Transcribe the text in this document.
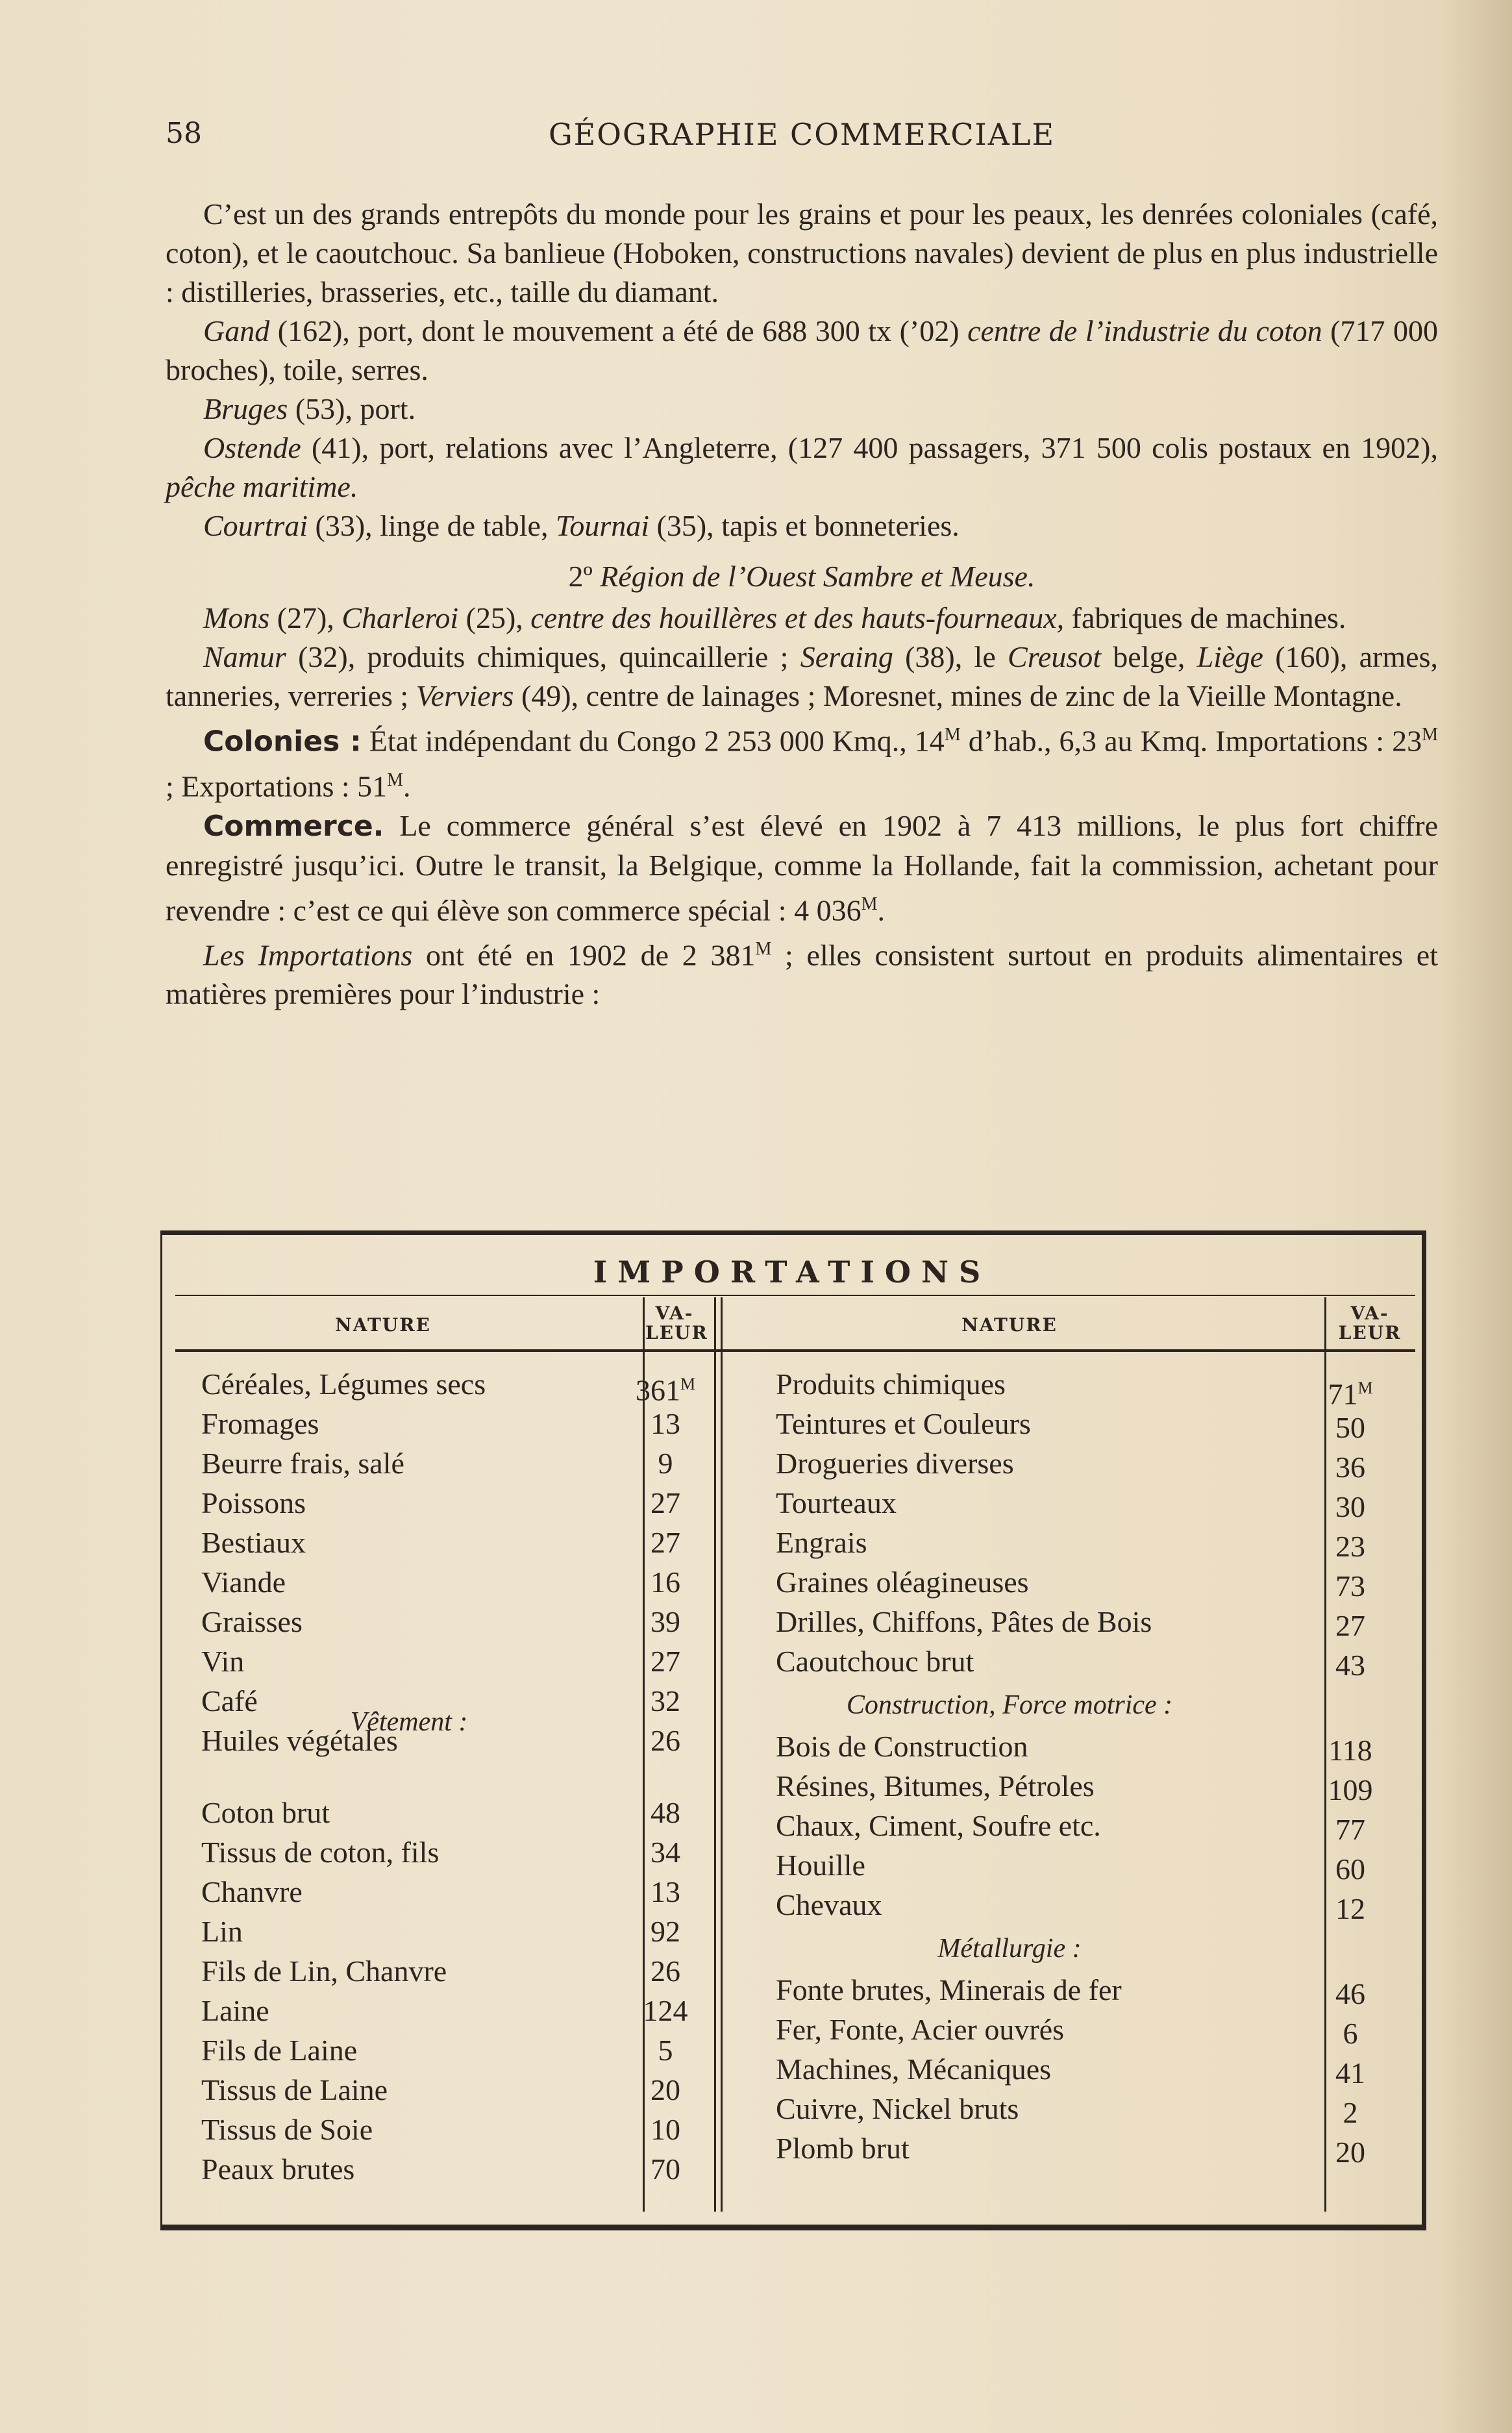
58	GÉOGRAPHIE COMMERCIALE

C’est un des grands entrepôts du monde pour les grains et pour les peaux, les denrées coloniales (café, coton), et le caoutchouc. Sa banlieue (Hoboken, constructions navales) devient de plus en plus industrielle : distilleries, brasseries, etc., taille du diamant.

Gand (162), port, dont le mouvement a été de 688 300 tx (’02) centre de l’industrie du coton (717 000 broches), toile, serres.

Bruges (53), port.

Ostende (41), port, relations avec l’Angleterre, (127 400 passagers, 371 500 colis postaux en 1902), pêche maritime.

Courtrai (33), linge de table, Tournai (35), tapis et bonneteries.

2º Région de l’Ouest Sambre et Meuse.

Mons (27), Charleroi (25), centre des houillères et des hauts-fourneaux, fabriques de machines.

Namur (32), produits chimiques, quincaillerie ; Seraing (38), le Creusot belge, Liège (160), armes, tanneries, verreries ; Verviers (49), centre de lainages ; Moresnet, mines de zinc de la Vieille Montagne.

Colonies : État indépendant du Congo 2 253 000 Kmq., $14^M$ d’hab., 6,3 au Kmq. Importations : $23^M$ ; Exportations : $51^M$.

Commerce. Le commerce général s’est élevé en 1902 à 7 413 millions, le plus fort chiffre enregistré jusqu’ici. Outre le transit, la Belgique, comme la Hollande, fait la commission, achetant pour revendre : c’est ce qui élève son commerce spécial : 4 $036^M$.

Les Importations ont été en 1902 de 2 $381^M$ ; elles consistent surtout en produits alimentaires et matières premières pour l’industrie :

IMPORTATIONS
NATURE
VA-
LEUR	NATURE
VA-
LEUR
Céréales, Légumes secs	$361^M$
Fromages	13
Beurre frais, salé	9
Poissons	27
Bestiaux	27
Viande	16
Graisses	39
Vin	27
Café	32
Huiles végétales	26
Coton brut	48
Tissus de coton, fils	34
Chanvre	13
Lin	92
Fils de Lin, Chanvre	26
Laine	124
Fils de Laine	5
Tissus de Laine	20
Tissus de Soie	10
Peaux brutes	70
Vêtement :
Produits chimiques	$71^M$
Teintures et Couleurs	50
Drogueries diverses	36
Tourteaux	30
Engrais	23
Graines oléagineuses	73
Drilles, Chiffons, Pâtes de Bois	27
Caoutchouc brut	43
Bois de Construction	118
Résines, Bitumes, Pétroles	109
Chaux, Ciment, Soufre etc.	77
Houille	60
Chevaux	12
Fonte brutes, Minerais de fer	46
Fer, Fonte, Acier ouvrés	6
Machines, Mécaniques	41
Cuivre, Nickel bruts	2
Plomb brut	20
Construction, Force motrice :
Métallurgie :
